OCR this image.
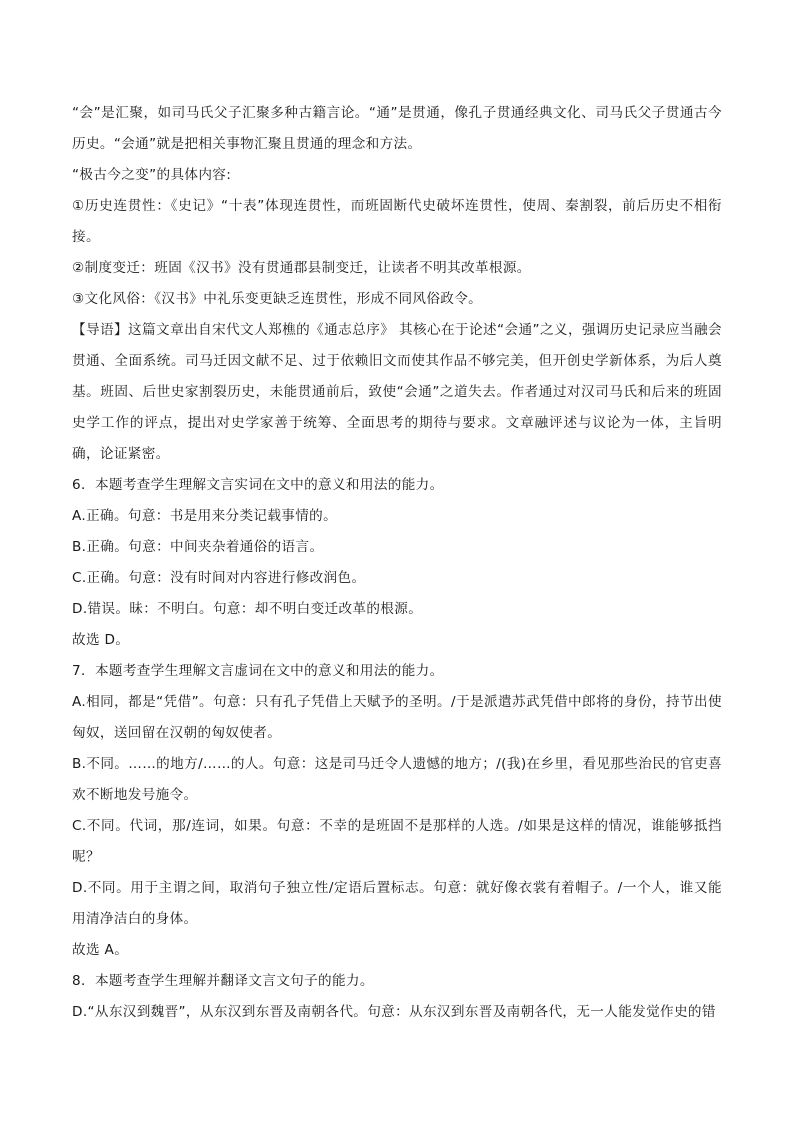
“会”是汇聚，如司马氏父子汇聚多种古籍言论。“通”是贯通，像孔子贯通经典文化、司马氏父子贯通古今历史。“会通”就是把相关事物汇聚且贯通的理念和方法。

“极古今之变”的具体内容:

①历史连贯性：《史记》“十表”体现连贯性，而班固断代史破坏连贯性，使周、秦割裂，前后历史不相衔接。

②制度变迁：班固《汉书》没有贯通郡县制变迁，让读者不明其改革根源。

③文化风俗：《汉书》中礼乐变更缺乏连贯性，形成不同风俗政令。

【导语】这篇文章出自宋代文人郑樵的《通志总序》 其核心在于论述“会通”之义，强调历史记录应当融会贯通、全面系统。司马迁因文献不足、过于依赖旧文而使其作品不够完美，但开创史学新体系，为后人奠基。班固、后世史家割裂历史，未能贯通前后，致使“会通”之道失去。作者通过对汉司马氏和后来的班固史学工作的评点，提出对史学家善于统筹、全面思考的期待与要求。文章融评述与议论为一体，主旨明确，论证紧密。

6．本题考查学生理解文言实词在文中的意义和用法的能力。

A.正确。句意：书是用来分类记载事情的。

B.正确。句意：中间夹杂着通俗的语言。

C.正确。句意：没有时间对内容进行修改润色。

D.错误。昧：不明白。句意：却不明白变迁改革的根源。

故选 D。

7．本题考查学生理解文言虚词在文中的意义和用法的能力。

A.相同，都是“凭借”。句意：只有孔子凭借上天赋予的圣明。/于是派遣苏武凭借中郎将的身份，持节出使匈奴，送回留在汉朝的匈奴使者。

B.不同。……的地方/……的人。句意：这是司马迁令人遗憾的地方；/(我)在乡里，看见那些治民的官吏喜欢不断地发号施令。

C.不同。代词，那/连词，如果。句意：不幸的是班固不是那样的人选。/如果是这样的情况，谁能够抵挡呢？

D.不同。用于主谓之间，取消句子独立性/定语后置标志。句意：就好像衣裳有着帽子。/一个人，谁又能用清净洁白的身体。

故选 A。

8．本题考查学生理解并翻译文言文句子的能力。

D.“从东汉到魏晋”，从东汉到东晋及南朝各代。句意：从东汉到东晋及南朝各代，无一人能发觉作史的错
